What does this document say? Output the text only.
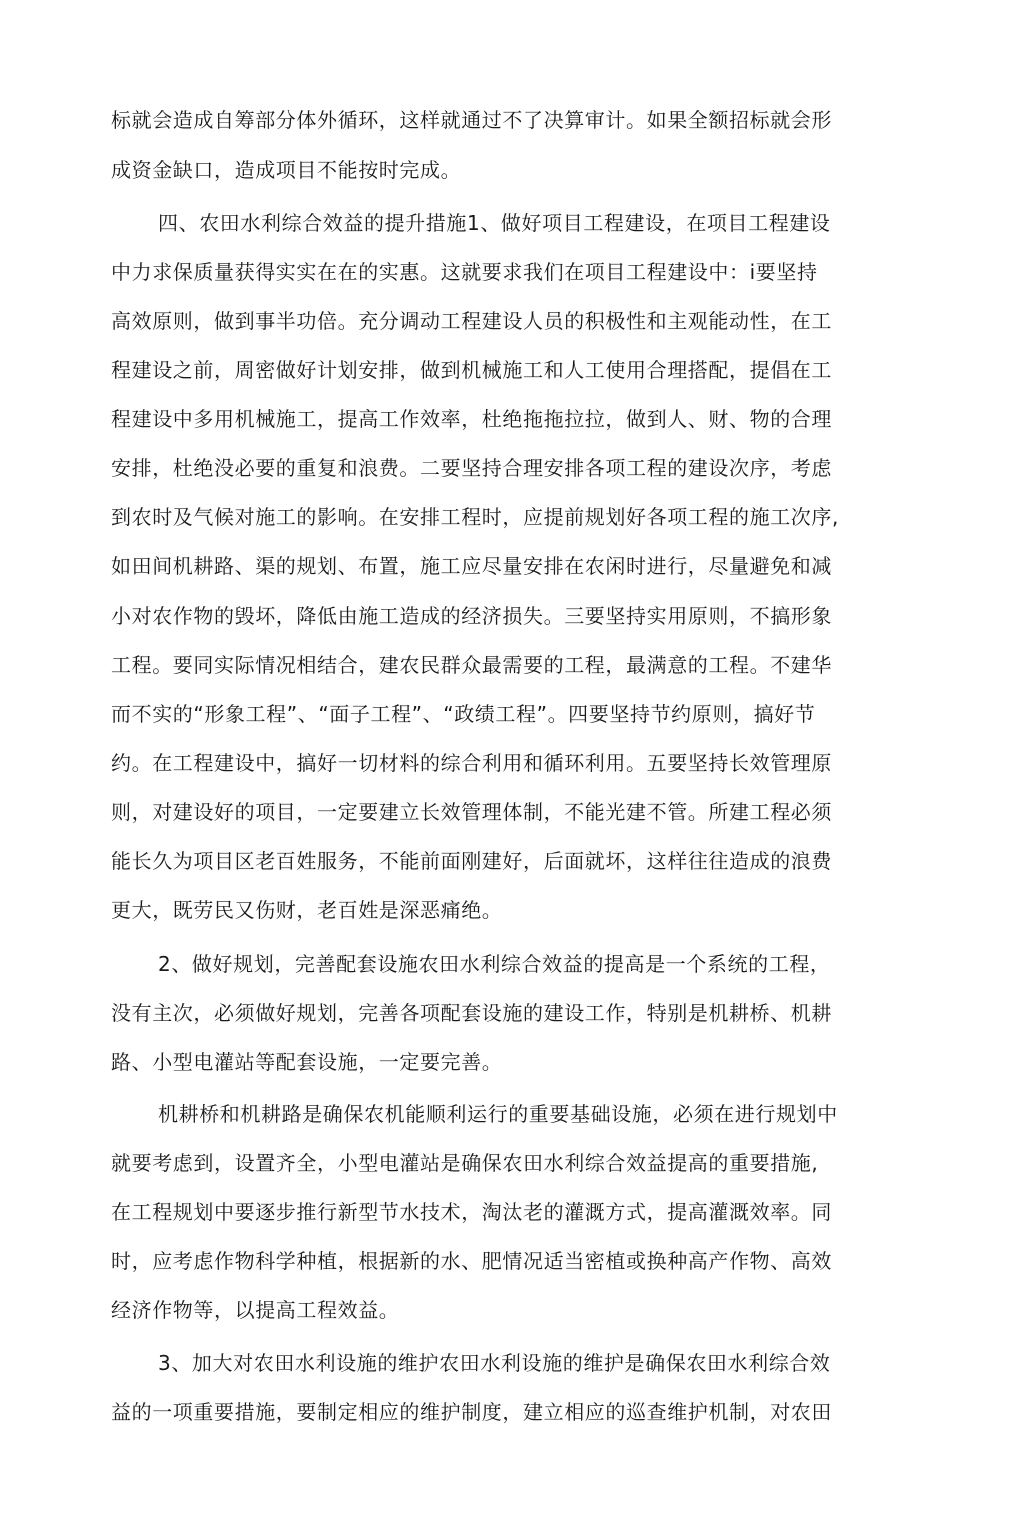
标就会造成自筹部分体外循环，这样就通过不了决算审计。如果全额招标就会形
成资金缺口，造成项目不能按时完成。
四、农田水利综合效益的提升措施1、做好项目工程建设，在项目工程建设
中力求保质量获得实实在在的实惠。这就要求我们在项目工程建设中：i要坚持
高效原则，做到事半功倍。充分调动工程建设人员的积极性和主观能动性，在工
程建设之前，周密做好计划安排，做到机械施工和人工使用合理搭配，提倡在工
程建设中多用机械施工，提高工作效率，杜绝拖拖拉拉，做到人、财、物的合理
安排，杜绝没必要的重复和浪费。二要坚持合理安排各项工程的建设次序，考虑
到农时及气候对施工的影响。在安排工程时，应提前规划好各项工程的施工次序,
如田间机耕路、渠的规划、布置，施工应尽量安排在农闲时进行，尽量避免和减
小对农作物的毁坏，降低由施工造成的经济损失。三要坚持实用原则，不搞形象
工程。要同实际情况相结合，建农民群众最需要的工程，最满意的工程。不建华
而不实的“形象工程”、“面子工程”、“政绩工程”。四要坚持节约原则，搞好节
约。在工程建设中，搞好一切材料的综合利用和循环利用。五要坚持长效管理原
则，对建设好的项目，一定要建立长效管理体制，不能光建不管。所建工程必须
能长久为项目区老百姓服务，不能前面刚建好，后面就坏，这样往往造成的浪费
更大，既劳民又伤财，老百姓是深恶痛绝。
2、做好规划，完善配套设施农田水利综合效益的提高是一个系统的工程，
没有主次，必须做好规划，完善各项配套设施的建设工作，特别是机耕桥、机耕
路、小型电灌站等配套设施，一定要完善。
机耕桥和机耕路是确保农机能顺利运行的重要基础设施，必须在进行规划中
就要考虑到，设置齐全，小型电灌站是确保农田水利综合效益提高的重要措施,
在工程规划中要逐步推行新型节水技术，淘汰老的灌溉方式，提高灌溉效率。同
时，应考虑作物科学种植，根据新的水、肥情况适当密植或换种高产作物、高效
经济作物等，以提高工程效益。
3、加大对农田水利设施的维护农田水利设施的维护是确保农田水利综合效
益的一项重要措施，要制定相应的维护制度，建立相应的巡查维护机制，对农田
